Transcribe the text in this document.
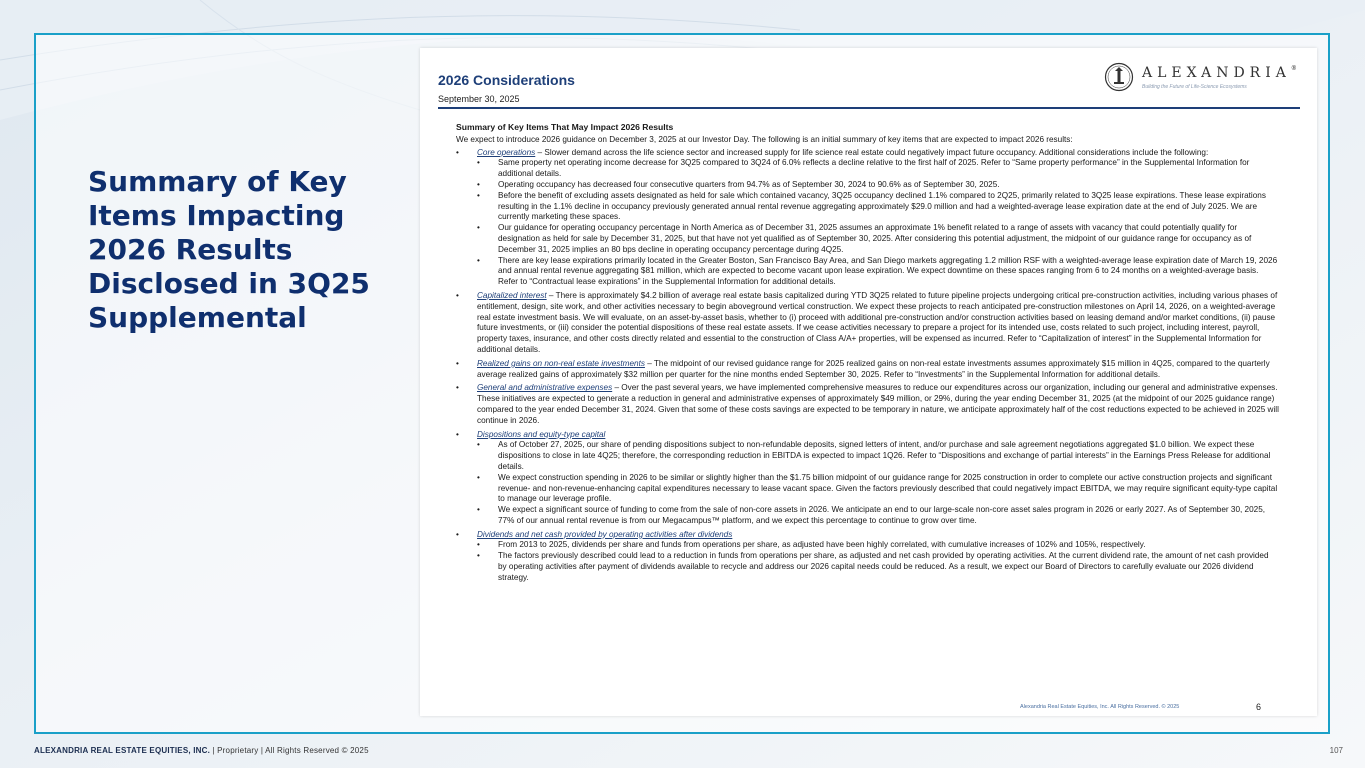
Summary of Key Items Impacting 2026 Results Disclosed in 3Q25 Supplemental
2026 Considerations
September 30, 2025
ALEXANDRIA®
Building the Future of Life-Science Ecosystems

Summary of Key Items That May Impact 2026 Results

We expect to introduce 2026 guidance on December 3, 2025 at our Investor Day. The following is an initial summary of key items that are expected to impact 2026 results:

• Core operations – Slower demand across the life science sector and increased supply for life science real estate could negatively impact future occupancy. Additional considerations include the following:

• Same property net operating income decrease for 3Q25 compared to 3Q24 of 6.0% reflects a decline relative to the first half of 2025. Refer to “Same property performance” in the Supplemental Information for additional details.
• Operating occupancy has decreased four consecutive quarters from 94.7% as of September 30, 2024 to 90.6% as of September 30, 2025.
• Before the benefit of excluding assets designated as held for sale which contained vacancy, 3Q25 occupancy declined 1.1% compared to 2Q25, primarily related to 3Q25 lease expirations. These lease expirations resulting in the 1.1% decline in occupancy previously generated annual rental revenue aggregating approximately $29.0 million and had a weighted-average lease expiration date at the end of July 2025. We are currently marketing these spaces.
• Our guidance for operating occupancy percentage in North America as of December 31, 2025 assumes an approximate 1% benefit related to a range of assets with vacancy that could potentially qualify for designation as held for sale by December 31, 2025, but that have not yet qualified as of September 30, 2025. After considering this potential adjustment, the midpoint of our guidance range for occupancy as of December 31, 2025 implies an 80 bps decline in operating occupancy percentage during 4Q25.
• There are key lease expirations primarily located in the Greater Boston, San Francisco Bay Area, and San Diego markets aggregating 1.2 million RSF with a weighted-average lease expiration date of March 19, 2026 and annual rental revenue aggregating $81 million, which are expected to become vacant upon lease expiration. We expect downtime on these spaces ranging from 6 to 24 months on a weighted-average basis. Refer to “Contractual lease expirations” in the Supplemental Information for additional details.
• Capitalized interest – There is approximately $4.2 billion of average real estate basis capitalized during YTD 3Q25 related to future pipeline projects undergoing critical pre-construction activities, including various phases of entitlement, design, site work, and other activities necessary to begin aboveground vertical construction. We expect these projects to reach anticipated pre-construction milestones on April 14, 2026, on a weighted-average real estate investment basis. We will evaluate, on an asset-by-asset basis, whether to (i) proceed with additional pre-construction and/or construction activities based on leasing demand and/or market conditions, (ii) pause future investments, or (iii) consider the potential dispositions of these real estate assets. If we cease activities necessary to prepare a project for its intended use, costs related to such project, including interest, payroll, property taxes, insurance, and other costs directly related and essential to the construction of Class A/A+ properties, will be expensed as incurred. Refer to “Capitalization of interest” in the Supplemental Information for additional details.

• Realized gains on non-real estate investments – The midpoint of our revised guidance range for 2025 realized gains on non-real estate investments assumes approximately $15 million in 4Q25, compared to the quarterly average realized gains of approximately $32 million per quarter for the nine months ended September 30, 2025. Refer to “Investments” in the Supplemental Information for additional details.

• General and administrative expenses – Over the past several years, we have implemented comprehensive measures to reduce our expenditures across our organization, including our general and administrative expenses. These initiatives are expected to generate a reduction in general and administrative expenses of approximately $49 million, or 29%, during the year ending December 31, 2025 (at the midpoint of our 2025 guidance range) compared to the year ended December 31, 2024. Given that some of these costs savings are expected to be temporary in nature, we anticipate approximately half of the cost reductions expected to be achieved in 2025 will continue in 2026.

• Dispositions and equity-type capital

• As of October 27, 2025, our share of pending dispositions subject to non-refundable deposits, signed letters of intent, and/or purchase and sale agreement negotiations aggregated $1.0 billion. We expect these dispositions to close in late 4Q25; therefore, the corresponding reduction in EBITDA is expected to impact 1Q26. Refer to “Dispositions and exchange of partial interests” in the Earnings Press Release for additional details.
• We expect construction spending in 2026 to be similar or slightly higher than the $1.75 billion midpoint of our guidance range for 2025 construction in order to complete our active construction projects and significant revenue- and non-revenue-enhancing capital expenditures necessary to lease vacant space. Given the factors previously described that could negatively impact EBITDA, we may require significant equity-type capital to manage our leverage profile.
• We expect a significant source of funding to come from the sale of non-core assets in 2026. We anticipate an end to our large-scale non-core asset sales program in 2026 or early 2027. As of September 30, 2025, 77% of our annual rental revenue is from our Megacampus™ platform, and we expect this percentage to continue to grow over time.
• Dividends and net cash provided by operating activities after dividends

• From 2013 to 2025, dividends per share and funds from operations per share, as adjusted have been highly correlated, with cumulative increases of 102% and 105%, respectively.
• The factors previously described could lead to a reduction in funds from operations per share, as adjusted and net cash provided by operating activities. At the current dividend rate, the amount of net cash provided by operating activities after payment of dividends available to recycle and address our 2026 capital needs could be reduced. As a result, we expect our Board of Directors to carefully evaluate our 2026 dividend strategy.
Alexandria Real Estate Equities, Inc. All Rights Reserved. © 2025	6
ALEXANDRIA REAL ESTATE EQUITIES, INC. | Proprietary | All Rights Reserved © 2025	107
